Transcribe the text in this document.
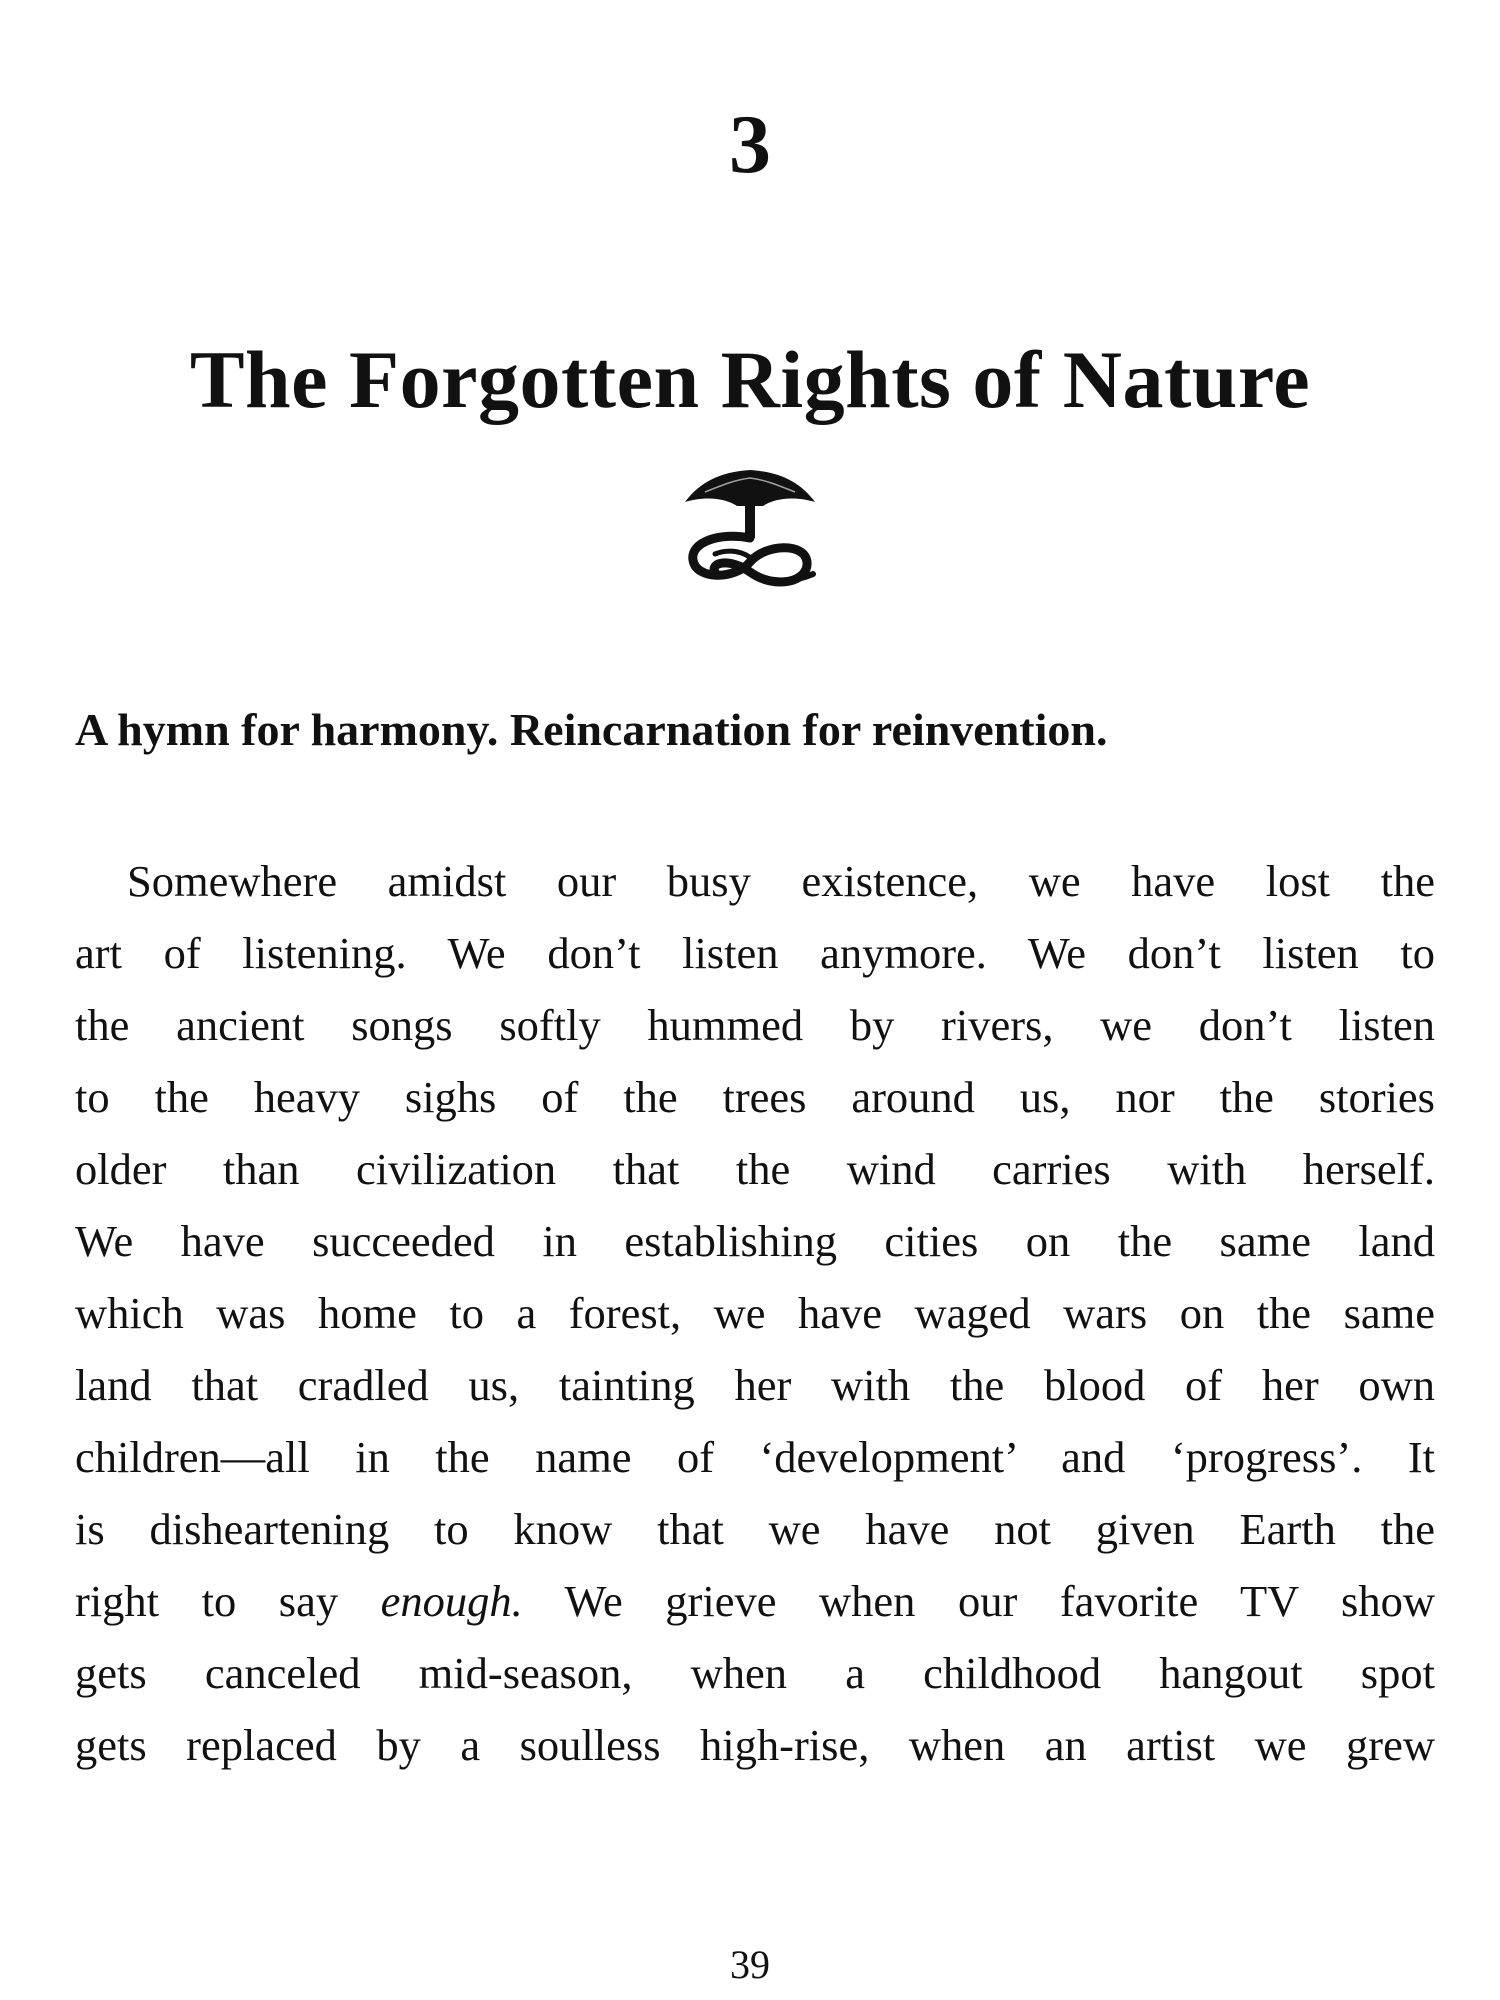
3
The Forgotten Rights of Nature
A hymn for harmony. Reincarnation for reinvention.
Somewhere amidst our busy existence, we have lost the
art of listening. We don’t listen anymore. We don’t listen to
the ancient songs softly hummed by rivers, we don’t listen
to the heavy sighs of the trees around us, nor the stories
older than civilization that the wind carries with herself.
We have succeeded in establishing cities on the same land
which was home to a forest, we have waged wars on the same
land that cradled us, tainting her with the blood of her own
children—all in the name of ‘development’ and ‘progress’. It
is disheartening to know that we have not given Earth the
right to say enough. We grieve when our favorite TV show
gets canceled mid-season, when a childhood hangout spot
gets replaced by a soulless high-rise, when an artist we grew
39
